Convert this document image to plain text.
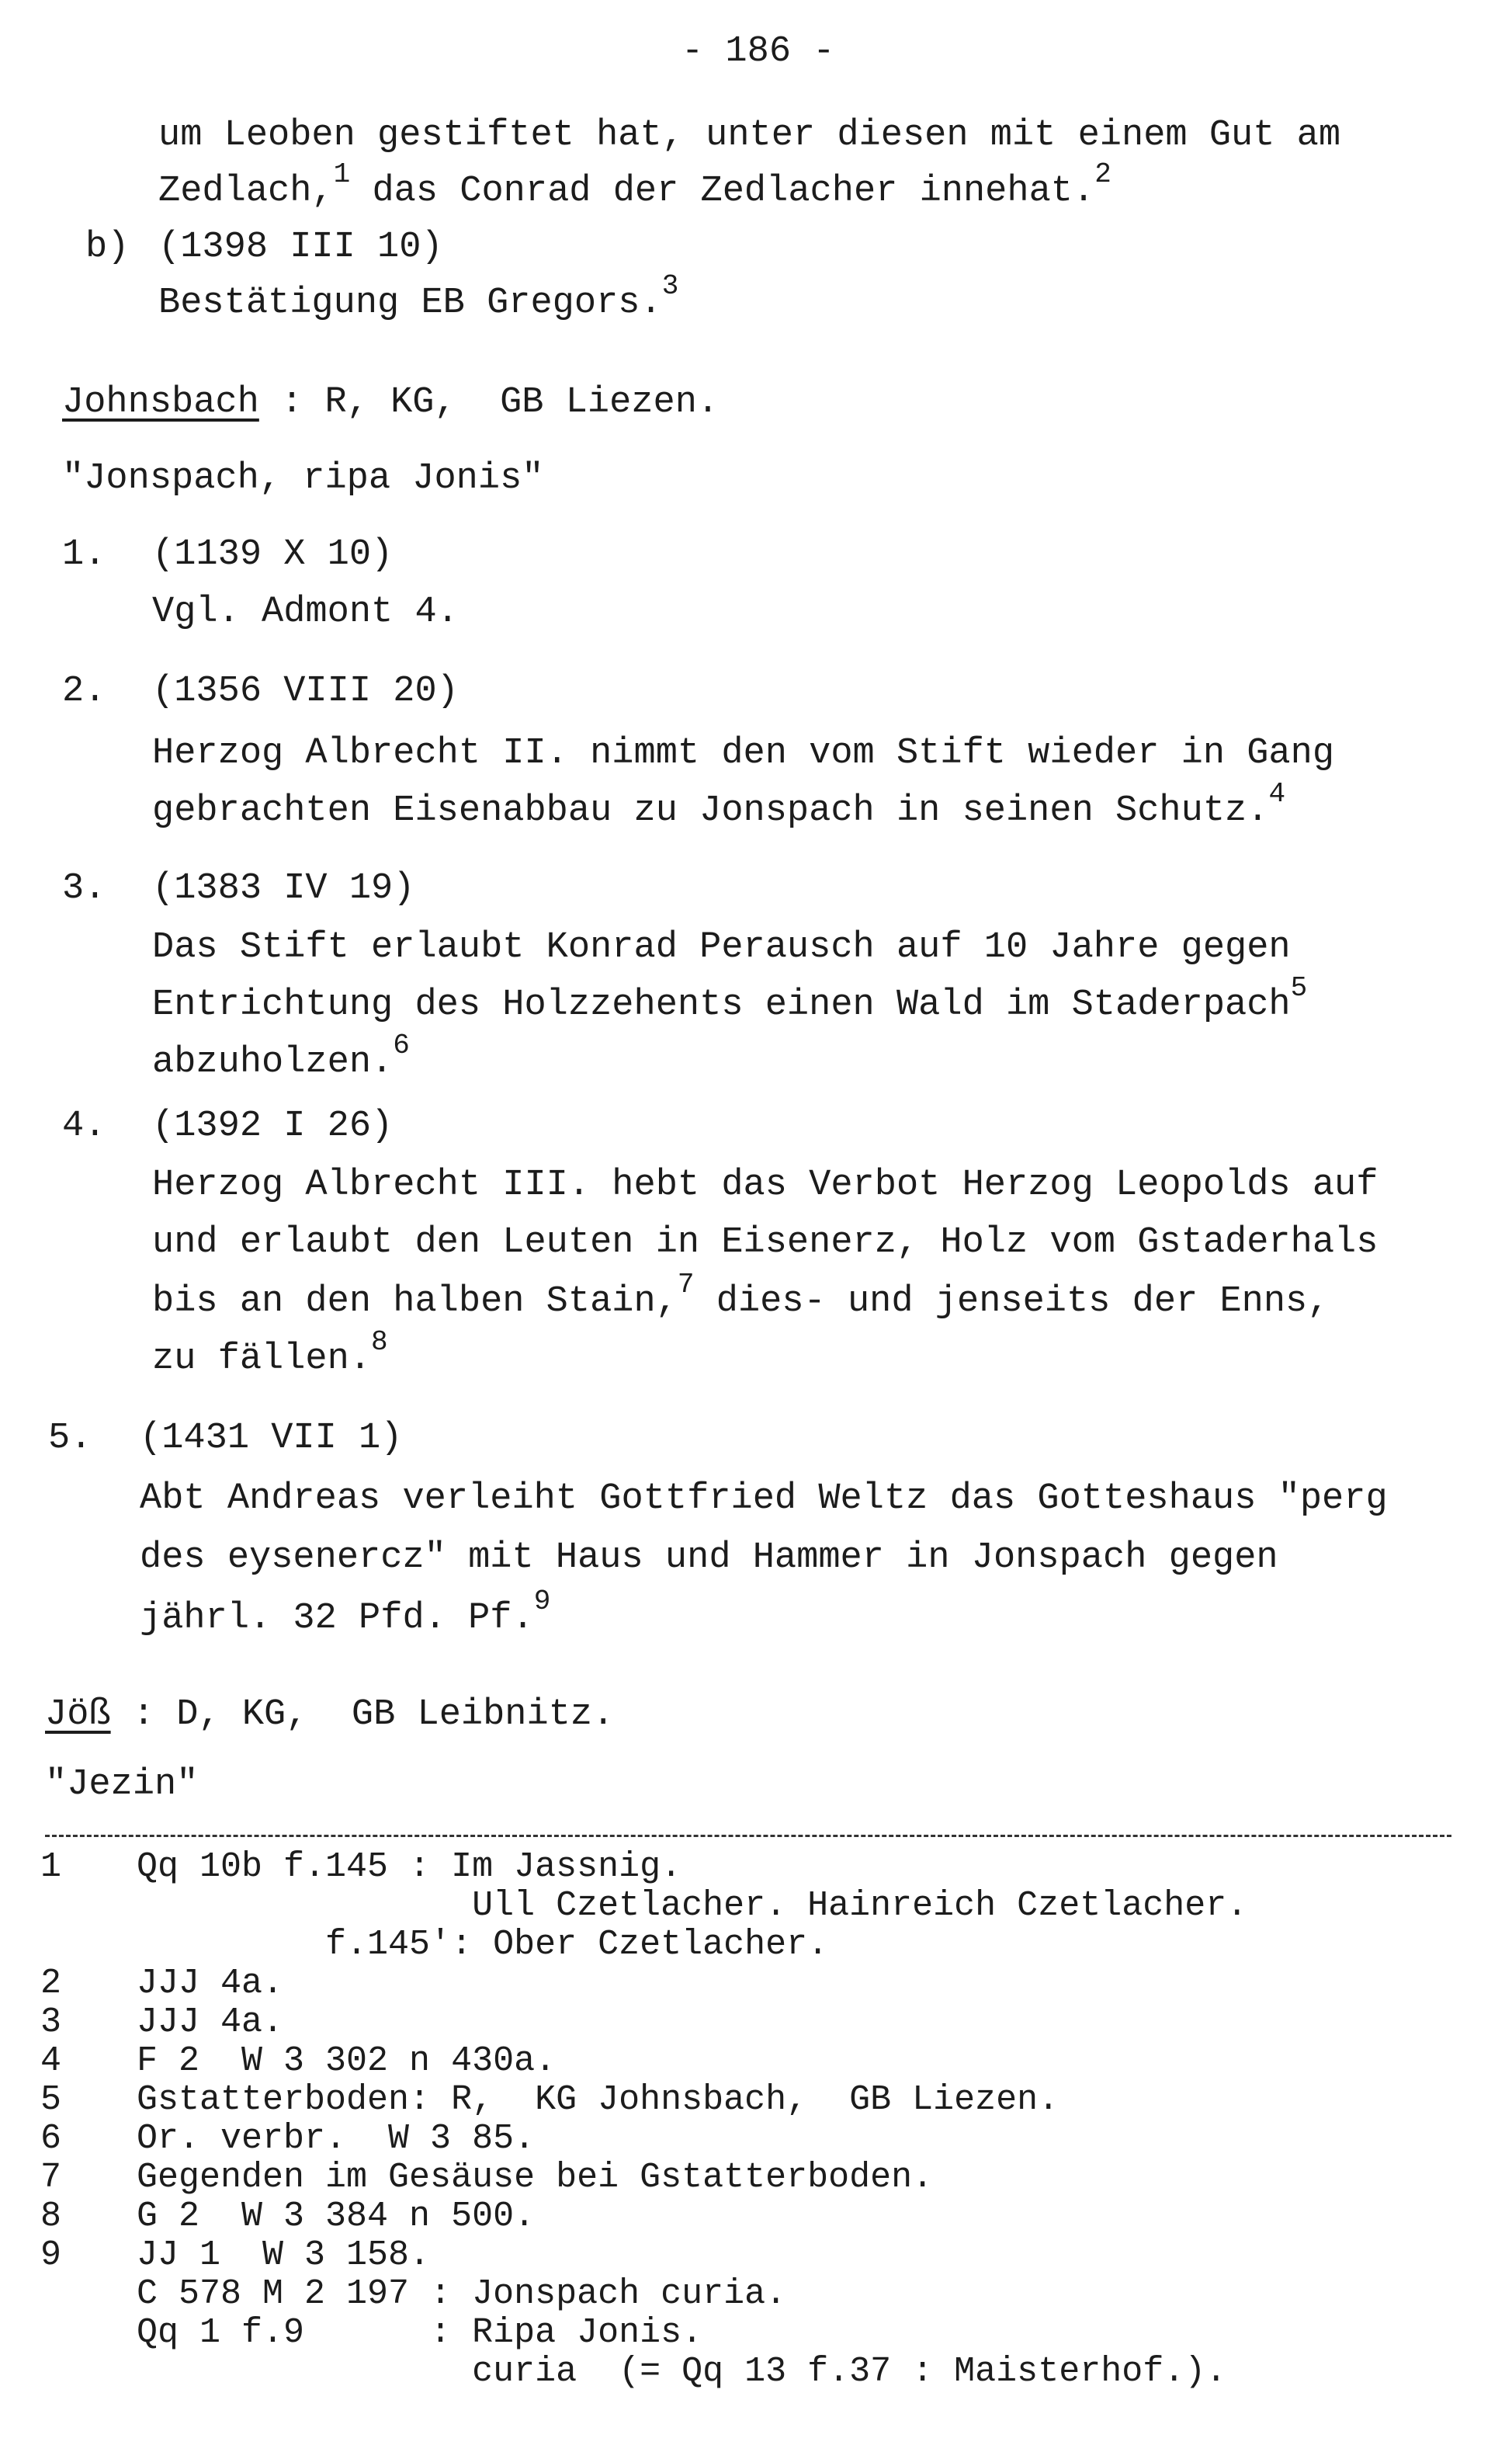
- 186 -
um Leoben gestiftet hat, unter diesen mit einem Gut am
Zedlach,$^1$ das Conrad der Zedlacher innehat.$^2$
b) (1398 III 10)
Bestätigung EB Gregors.$^3$
Johnsbach : R, KG,  GB Liezen.
"Jonspach, ripa Jonis"
1. (1139 X 10)
Vgl. Admont 4.
2. (1356 VIII 20)
Herzog Albrecht II. nimmt den vom Stift wieder in Gang
gebrachten Eisenabbau zu Jonspach in seinen Schutz.$^4$
3. (1383 IV 19)
Das Stift erlaubt Konrad Perausch auf 10 Jahre gegen
Entrichtung des Holzzehents einen Wald im Staderpach$^5$
abzuholzen.$^6$
4. (1392 I 26)
Herzog Albrecht III. hebt das Verbot Herzog Leopolds auf
und erlaubt den Leuten in Eisenerz, Holz vom Gstaderhals
bis an den halben Stain,$^7$ dies- und jenseits der Enns,
zu fällen.$^8$
5. (1431 VII 1)
Abt Andreas verleiht Gottfried Weltz das Gotteshaus "perg
des eysenercz" mit Haus und Hammer in Jonspach gegen
jährl. 32 Pfd. Pf.$^9$
Jöß : D, KG,  GB Leibnitz.
"Jezin"
1 Qq 10b f.145 : Im Jassnig.
Ull Czetlacher. Hainreich Czetlacher.
f.145': Ober Czetlacher.
2 JJJ 4a.
3 JJJ 4a.
4 F 2  W 3 302 n 430a.
5 Gstatterboden: R,  KG Johnsbach,  GB Liezen.
6 Or. verbr.  W 3 85.
7 Gegenden im Gesäuse bei Gstatterboden.
8 G 2  W 3 384 n 500.
9 JJ 1  W 3 158.
C 578 M 2 197 : Jonspach curia.
Qq 1 f.9      : Ripa Jonis.
curia  (= Qq 13 f.37 : Maisterhof.).
